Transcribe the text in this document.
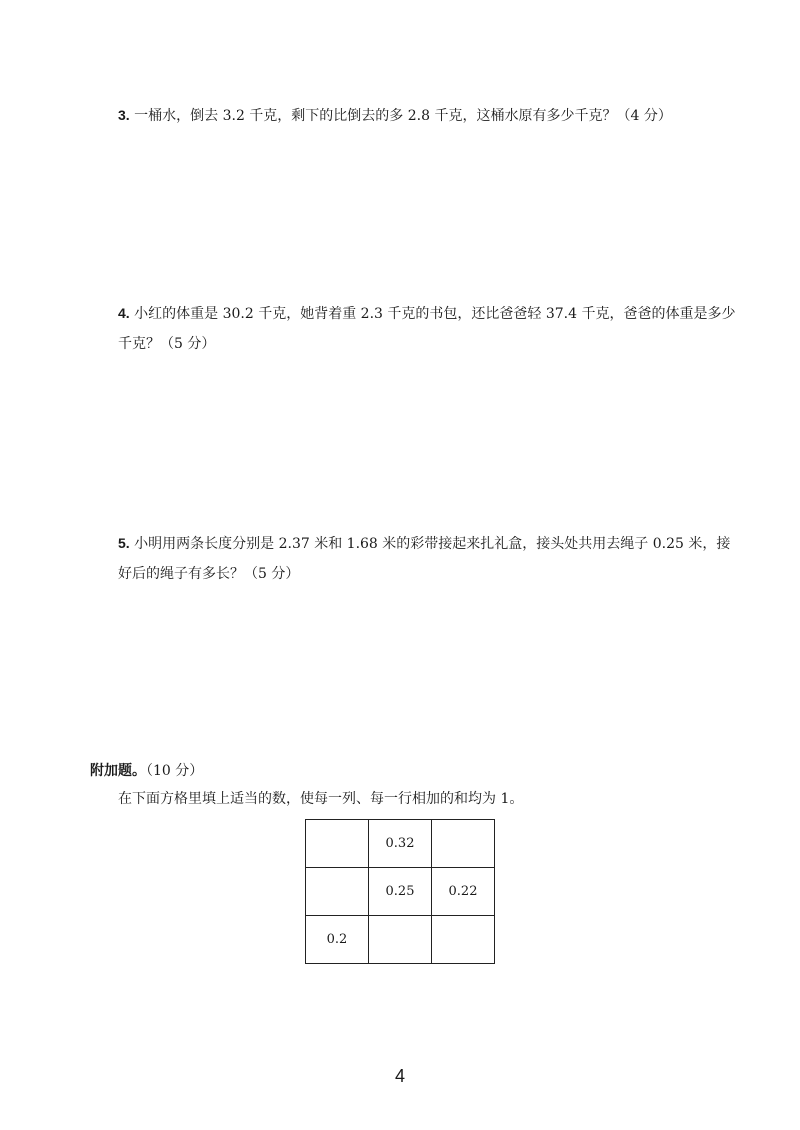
3. 一桶水，倒去 3.2 千克，剩下的比倒去的多 2.8 千克，这桶水原有多少千克？（4 分）
4. 小红的体重是 30.2 千克，她背着重 2.3 千克的书包，还比爸爸轻 37.4 千克，爸爸的体重是多少千克？（5 分）
5. 小明用两条长度分别是 2.37 米和 1.68 米的彩带接起来扎礼盒，接头处共用去绳子 0.25 米，接好后的绳子有多长？（5 分）
附加题。（10 分）
在下面方格里填上适当的数，使每一列、每一行相加的和均为 1。
	0.32	
	0.25	0.22
0.2		
4
